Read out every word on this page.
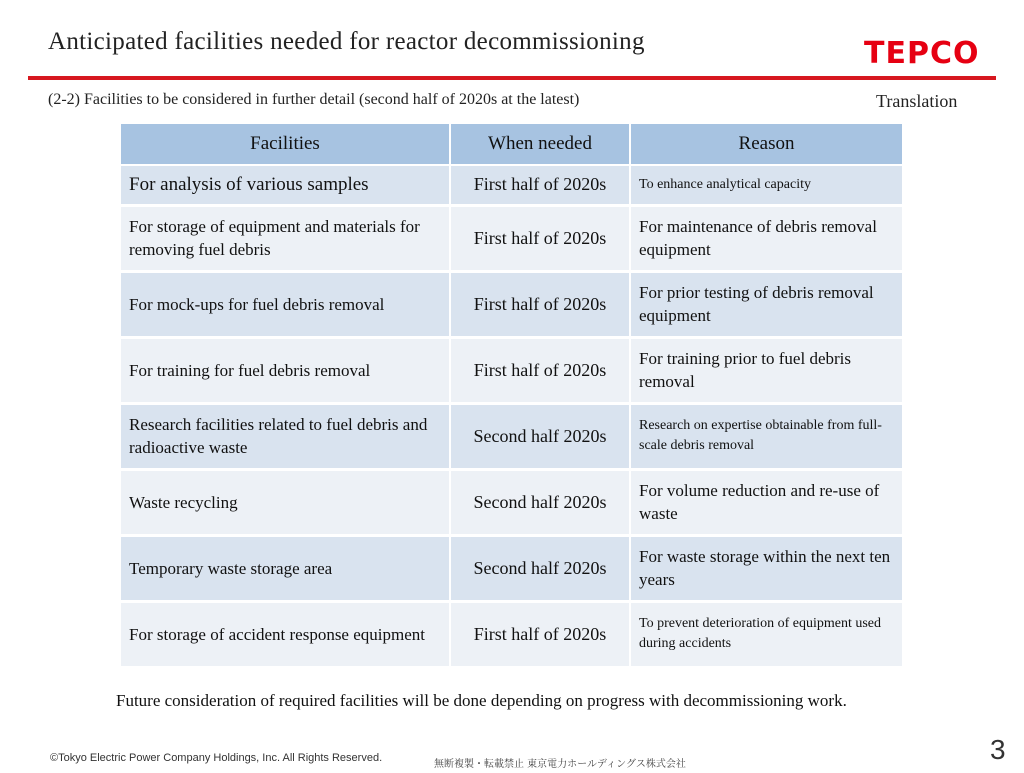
Anticipated facilities needed for reactor decommissioning	TEPCO
(2-2) Facilities to be considered in further detail (second half of 2020s at the latest)	Translation
Facilities	When needed	Reason
For analysis of various samples	First half of 2020s	To enhance analytical capacity
For storage of equipment and materials for removing fuel debris	First half of 2020s	For maintenance of debris removal equipment
For mock-ups for fuel debris removal	First half of 2020s	For prior testing of debris removal equipment
For training for fuel debris removal	First half of 2020s	For training prior to fuel debris removal
Research facilities related to fuel debris and radioactive waste	Second half 2020s	Research on expertise obtainable from full-scale debris removal
Waste recycling	Second half 2020s	For volume reduction and re-use of waste
Temporary waste storage area	Second half 2020s	For waste storage within the next ten years
For storage of accident response equipment	First half of 2020s	To prevent deterioration of equipment used during accidents
Future consideration of required facilities will be done depending on progress with decommissioning work.
©Tokyo Electric Power Company Holdings, Inc. All Rights Reserved.
無断複製・転載禁止 東京電力ホールディングス株式会社	3
